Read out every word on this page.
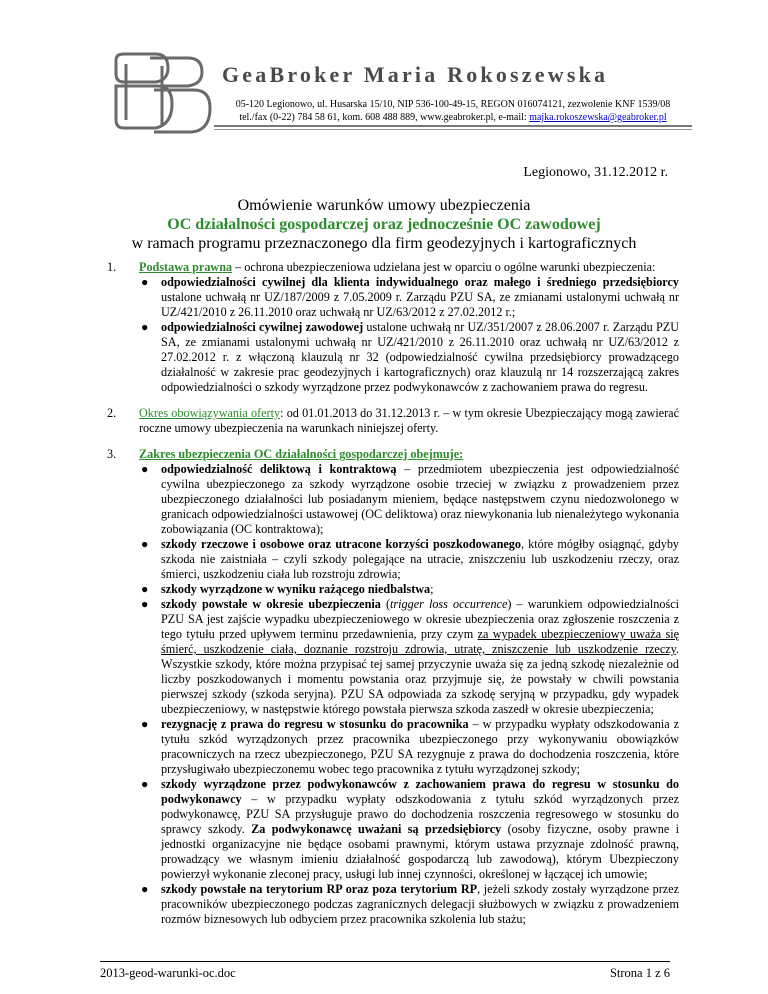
GeaBroker Maria Rokoszewska
05-120 Legionowo, ul. Husarska 15/10, NIP 536-100-49-15, REGON 016074121, zezwolenie KNF 1539/08
tel./fax (0-22) 784 58 61, kom. 608 488 889, www.geabroker.pl, e-mail: majka.rokoszewska@geabroker.pl
Legionowo, 31.12.2012 r.
Omówienie warunków umowy ubezpieczenia
OC działalności gospodarczej oraz jednocześnie OC zawodowej
w ramach programu przeznaczonego dla firm geodezyjnych i kartograficznych
1.	Podstawa prawna – ochrona ubezpieczeniowa udzielana jest w oparciu o ogólne warunki ubezpieczenia:
● odpowiedzialności cywilnej dla klienta indywidualnego oraz małego i średniego przedsiębiorcy ustalone uchwałą nr UZ/187/2009 z 7.05.2009 r. Zarządu PZU SA, ze zmianami ustalonymi uchwałą nr UZ/421/2010 z 26.11.2010 oraz uchwałą nr UZ/63/2012 z 27.02.2012 r.;
● odpowiedzialności cywilnej zawodowej ustalone uchwałą nr UZ/351/2007 z 28.06.2007 r. Zarządu PZU SA, ze zmianami ustalonymi uchwałą nr UZ/421/2010 z 26.11.2010 oraz uchwałą nr UZ/63/2012 z 27.02.2012 r. z włączoną klauzulą nr 32 (odpowiedzialność cywilna przedsiębiorcy prowadzącego działalność w zakresie prac geodezyjnych i kartograficznych) oraz klauzulą nr 14 rozszerzającą zakres odpowiedzialności o szkody wyrządzone przez podwykonawców z zachowaniem prawa do regresu.
2.	Okres obowiązywania oferty: od 01.01.2013 do 31.12.2013 r. – w tym okresie Ubezpieczający mogą zawierać roczne umowy ubezpieczenia na warunkach niniejszej oferty.
3.	Zakres ubezpieczenia OC działalności gospodarczej obejmuje:
● odpowiedzialność deliktową i kontraktową – przedmiotem ubezpieczenia jest odpowiedzialność cywilna ubezpieczonego za szkody wyrządzone osobie trzeciej w związku z prowadzeniem przez ubezpieczonego działalności lub posiadanym mieniem, będące następstwem czynu niedozwolonego w granicach odpowiedzialności ustawowej (OC deliktowa) oraz niewykonania lub nienależytego wykonania zobowiązania (OC kontraktowa);
● szkody rzeczowe i osobowe oraz utracone korzyści poszkodowanego, które mógłby osiągnąć, gdyby szkoda nie zaistniała – czyli szkody polegające na utracie, zniszczeniu lub uszkodzeniu rzeczy, oraz śmierci, uszkodzeniu ciała lub rozstroju zdrowia;
● szkody wyrządzone w wyniku rażącego niedbalstwa;
● szkody powstałe w okresie ubezpieczenia (trigger loss occurrence) – warunkiem odpowiedzialności PZU SA jest zajście wypadku ubezpieczeniowego w okresie ubezpieczenia oraz zgłoszenie roszczenia z tego tytułu przed upływem terminu przedawnienia, przy czym za wypadek ubezpieczeniowy uważa się śmierć, uszkodzenie ciała, doznanie rozstroju zdrowia, utratę, zniszczenie lub uszkodzenie rzeczy. Wszystkie szkody, które można przypisać tej samej przyczynie uważa się za jedną szkodę niezależnie od liczby poszkodowanych i momentu powstania oraz przyjmuje się, że powstały w chwili powstania pierwszej szkody (szkoda seryjna). PZU SA odpowiada za szkodę seryjną w przypadku, gdy wypadek ubezpieczeniowy, w następstwie którego powstała pierwsza szkoda zaszedł w okresie ubezpieczenia;
● rezygnację z prawa do regresu w stosunku do pracownika – w przypadku wypłaty odszkodowania z tytułu szkód wyrządzonych przez pracownika ubezpieczonego przy wykonywaniu obowiązków pracowniczych na rzecz ubezpieczonego, PZU SA rezygnuje z prawa do dochodzenia roszczenia, które przysługiwało ubezpieczonemu wobec tego pracownika z tytułu wyrządzonej szkody;
● szkody wyrządzone przez podwykonawców z zachowaniem prawa do regresu w stosunku do podwykonawcy – w przypadku wypłaty odszkodowania z tytułu szkód wyrządzonych przez podwykonawcę, PZU SA przysługuje prawo do dochodzenia roszczenia regresowego w stosunku do sprawcy szkody. Za podwykonawcę uważani są przedsiębiorcy (osoby fizyczne, osoby prawne i jednostki organizacyjne nie będące osobami prawnymi, którym ustawa przyznaje zdolność prawną, prowadzący we własnym imieniu działalność gospodarczą lub zawodową), którym Ubezpieczony powierzył wykonanie zleconej pracy, usługi lub innej czynności, określonej w łączącej ich umowie;
● szkody powstałe na terytorium RP oraz poza terytorium RP, jeżeli szkody zostały wyrządzone przez pracowników ubezpieczonego podczas zagranicznych delegacji służbowych w związku z prowadzeniem rozmów biznesowych lub odbyciem przez pracownika szkolenia lub stażu;
2013-geod-warunki-oc.doc	Strona 1 z 6
